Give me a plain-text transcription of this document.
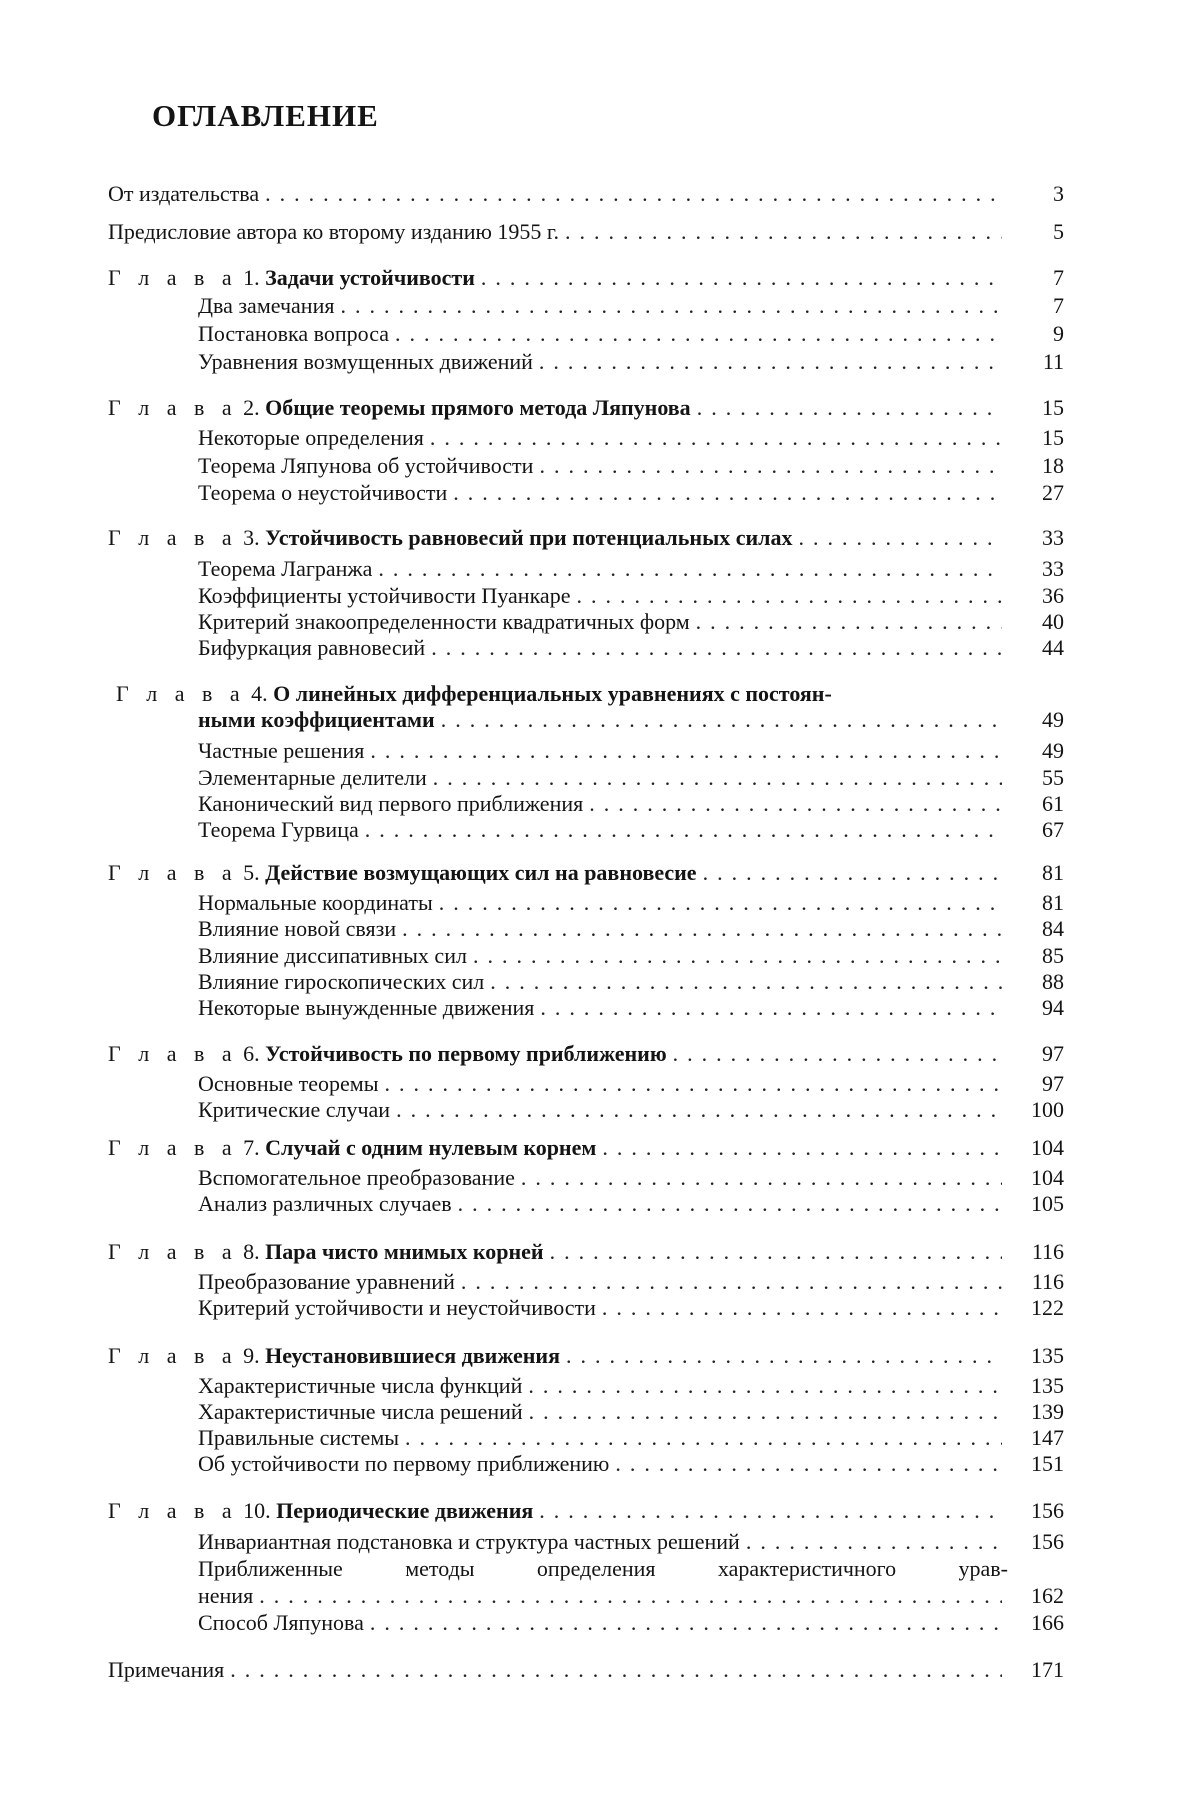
ОГЛАВЛЕНИЕ
От издательства ..................................................	3
Предисловие автора ко второму изданию 1955 г. ..............................	5
Г л а в а 1. Задачи устойчивости ....................................	7
Два замечания .............................................	7
Постановка вопроса .........................................	9
Уравнения возмущенных движений ................................	11
Г л а в а 2. Общие теоремы прямого метода Ляпунова .....................	15
Некоторые определения .......................................	15
Теорема Ляпунова об устойчивости ...............................	18
Теорема о неустойчивости .....................................	27
Г л а в а 3. Устойчивость равновесий при потенциальных силах ...............	33
Теорема Лагранжа ...........................................	33
Коэффициенты устойчивости Пуанкаре ..............................	36
Критерий знакоопределенности квадратичных форм .....................	40
Бифуркация равновесий .......................................	44
Г л а в а 4. О линейных дифференциальных уравнениях с постоян-
ными коэффициентами ......................................	49
Частные решения ............................................. 49
Элементарные делители .......................................	55
Канонический вид первого приближения .............................. 61
Теорема Гурвица .............................................	67
Г л а в а 5. Действие возмущающих сил на равновесие ....................	81
Нормальные координаты .......................................	81
Влияние новой связи .........................................	84
Влияние диссипативных сил .....................................	85
Влияние гироскопических сил ...................................	88
Некоторые вынужденные движения ...............................	94
Г л а в а 6. Устойчивость по первому приближению ......................	97
Основные теоремы ..........................................	97
Критические случаи .........................................	100
Г л а в а 7. Случай с одним нулевым корнем ..............................
104
Вспомогательное преобразование .................................	104
Анализ различных случаев .....................................	105
Г л а в а 8. Пара чисто мнимых корней ...............................	116
Преобразование уравнений .....................................	116
Критерий устойчивости и неустойчивости ..............................
122
Г л а в а 9. Неустановившиеся движения ..............................	135
Характеристичные числа функций ................................	135
Характеристичные числа решений ................................	139
Правильные системы .........................................	147
Об устойчивости по первому приближению ..........................	151
Г л а в а 10. Периодические движения ................................	156
Инвариантная подстановка и структура частных решений .................	156
Приближенные методы определения характеристичного урав-
нения ...................................................	162
Способ Ляпунова ............................................. 166
Примечания .....................................................	171
